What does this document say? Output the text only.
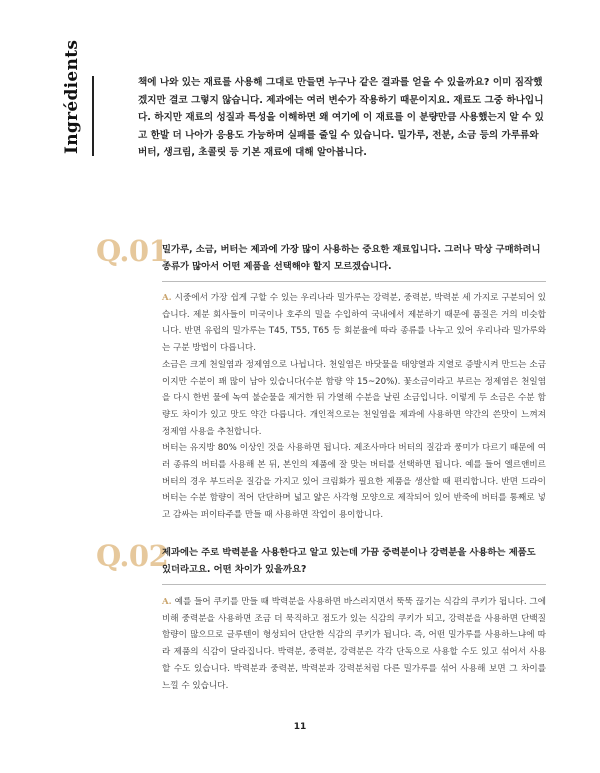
Ingrédients	책에 나와 있는 재료를 사용해 그대로 만들면 누구나 같은 결과를 얻을 수 있을까요? 이미 짐작했겠지만 결코 그렇지 않습니다. 제과에는 여러 변수가 작용하기 때문이지요. 재료도 그중 하나입니다. 하지만 재료의 성질과 특성을 이해하면 왜 여기에 이 재료를 이 분량만큼 사용했는지 알 수 있고 한발 더 나아가 응용도 가능하며 실패를 줄일 수 있습니다. 밀가루, 전분, 소금 등의 가루류와 버터, 생크림, 초콜릿 등 기본 재료에 대해 알아봅니다.
Q.01
밀가루, 소금, 버터는 제과에 가장 많이 사용하는 중요한 재료입니다. 그러나 막상 구매하려니 종류가 많아서 어떤 제품을 선택해야 할지 모르겠습니다.

A. 시중에서 가장 쉽게 구할 수 있는 우리나라 밀가루는 강력분, 중력분, 박력분 세 가지로 구분되어 있습니다. 제분 회사들이 미국이나 호주의 밀을 수입하여 국내에서 제분하기 때문에 품질은 거의 비슷합니다. 반면 유럽의 밀가루는 T45, T55, T65 등 회분율에 따라 종류를 나누고 있어 우리나라 밀가루와는 구분 방법이 다릅니다.

소금은 크게 천일염과 정제염으로 나뉩니다. 천일염은 바닷물을 태양열과 지열로 증발시켜 만드는 소금이지만 수분이 꽤 많이 남아 있습니다(수분 함량 약 15~20%). 꽃소금이라고 부르는 정제염은 천일염을 다시 한번 물에 녹여 불순물을 제거한 뒤 가열해 수분을 날린 소금입니다. 이렇게 두 소금은 수분 함량도 차이가 있고 맛도 약간 다릅니다. 개인적으로는 천일염을 제과에 사용하면 약간의 쓴맛이 느껴져 정제염 사용을 추천합니다.

버터는 유지방 80% 이상인 것을 사용하면 됩니다. 제조사마다 버터의 질감과 풍미가 다르기 때문에 여러 종류의 버터를 사용해 본 뒤, 본인의 제품에 잘 맞는 버터를 선택하면 됩니다. 예를 들어 엘르앤비르 버터의 경우 부드러운 질감을 가지고 있어 크림화가 필요한 제품을 생산할 때 편리합니다. 반면 드라이 버터는 수분 함량이 적어 단단하며 넓고 얇은 사각형 모양으로 제작되어 있어 반죽에 버터를 통째로 넣고 감싸는 퍼이타주를 만들 때 사용하면 작업이 용이합니다.

Q.02
제과에는 주로 박력분을 사용한다고 알고 있는데 가끔 중력분이나 강력분을 사용하는 제품도 있더라고요. 어떤 차이가 있을까요?

A. 예를 들어 쿠키를 만들 때 박력분을 사용하면 바스러지면서 뚝뚝 끊기는 식감의 쿠키가 됩니다. 그에 비해 중력분을 사용하면 조금 더 묵직하고 점도가 있는 식감의 쿠키가 되고, 강력분을 사용하면 단백질 함량이 많으므로 글루텐이 형성되어 단단한 식감의 쿠키가 됩니다. 즉, 어떤 밀가루를 사용하느냐에 따라 제품의 식감이 달라집니다. 박력분, 중력분, 강력분은 각각 단독으로 사용할 수도 있고 섞어서 사용할 수도 있습니다. 박력분과 중력분, 박력분과 강력분처럼 다른 밀가루를 섞어 사용해 보면 그 차이를 느낄 수 있습니다.

11
